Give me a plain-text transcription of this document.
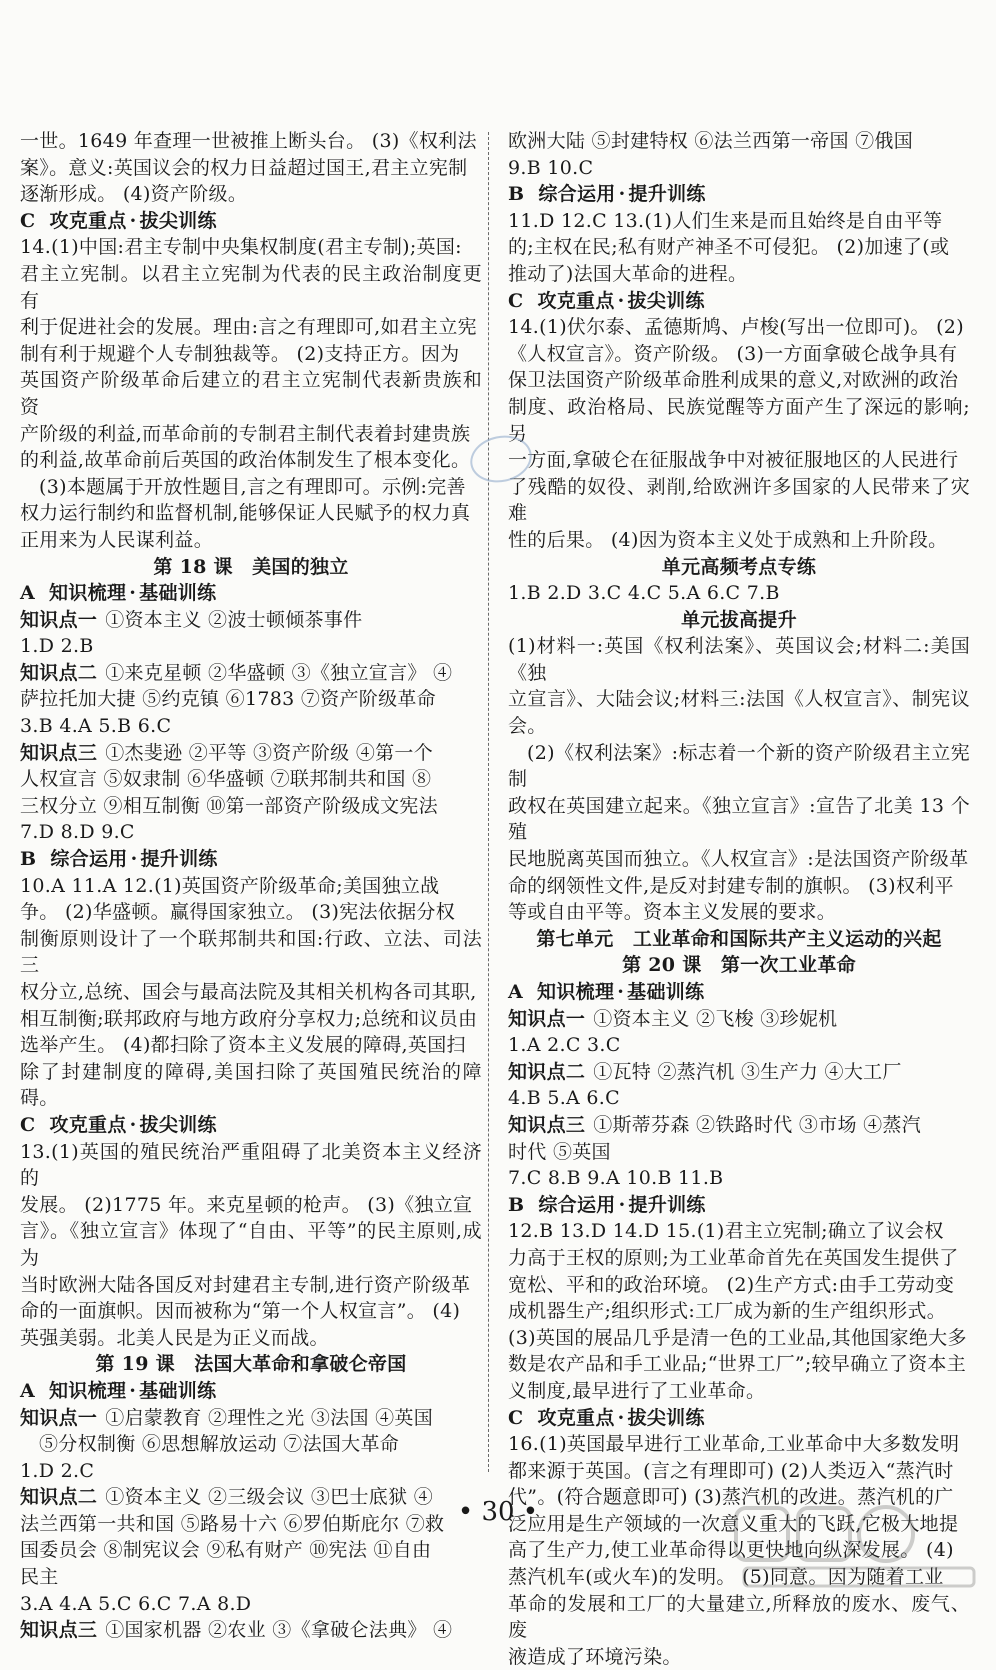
一世。1649 年查理一世被推上断头台。 (3)《权利法

案》。意义:英国议会的权力日益超过国王,君主立宪制

逐渐形成。 (4)资产阶级。

C 攻克重点 · 拔尖训练

14.(1)中国:君主专制中央集权制度(君主专制);英国:

君主立宪制。以君主立宪制为代表的民主政治制度更有

利于促进社会的发展。理由:言之有理即可,如君主立宪

制有利于规避个人专制独裁等。 (2)支持正方。因为

英国资产阶级革命后建立的君主立宪制代表新贵族和资

产阶级的利益,而革命前的专制君主制代表着封建贵族

的利益,故革命前后英国的政治体制发生了根本变化。

(3)本题属于开放性题目,言之有理即可。示例:完善

权力运行制约和监督机制,能够保证人民赋予的权力真

正用来为人民谋利益。

第 18 课　美国的独立

A 知识梳理 · 基础训练

知识点一 ①资本主义 ②波士顿倾茶事件

1.D 2.B

知识点二 ①来克星顿 ②华盛顿 ③《独立宣言》 ④

萨拉托加大捷 ⑤约克镇 ⑥1783 ⑦资产阶级革命

3.B 4.A 5.B 6.C

知识点三 ①杰斐逊 ②平等 ③资产阶级 ④第一个

人权宣言 ⑤奴隶制 ⑥华盛顿 ⑦联邦制共和国 ⑧

三权分立 ⑨相互制衡 ⑩第一部资产阶级成文宪法

7.D 8.D 9.C

B 综合运用 · 提升训练

10.A 11.A 12.(1)英国资产阶级革命;美国独立战

争。 (2)华盛顿。赢得国家独立。 (3)宪法依据分权

制衡原则设计了一个联邦制共和国:行政、立法、司法三

权分立,总统、国会与最高法院及其相关机构各司其职,

相互制衡;联邦政府与地方政府分享权力;总统和议员由

选举产生。 (4)都扫除了资本主义发展的障碍,英国扫

除了封建制度的障碍,美国扫除了英国殖民统治的障碍。

C 攻克重点 · 拔尖训练

13.(1)英国的殖民统治严重阻碍了北美资本主义经济的

发展。 (2)1775 年。来克星顿的枪声。 (3)《独立宣

言》。《独立宣言》体现了“自由、平等”的民主原则,成为

当时欧洲大陆各国反对封建君主专制,进行资产阶级革

命的一面旗帜。因而被称为“第一个人权宣言”。 (4)

英强美弱。北美人民是为正义而战。

第 19 课　法国大革命和拿破仑帝国

A 知识梳理 · 基础训练

知识点一 ①启蒙教育 ②理性之光 ③法国 ④英国

⑤分权制衡 ⑥思想解放运动 ⑦法国大革命

1.D 2.C

知识点二 ①资本主义 ②三级会议 ③巴士底狱 ④

法兰西第一共和国 ⑤路易十六 ⑥罗伯斯庇尔 ⑦救

国委员会 ⑧制宪议会 ⑨私有财产 ⑩宪法 ⑪自由

民主

3.A 4.A 5.C 6.C 7.A 8.D

知识点三 ①国家机器 ②农业 ③《拿破仑法典》 ④

欧洲大陆 ⑤封建特权 ⑥法兰西第一帝国 ⑦俄国

9.B 10.C

B 综合运用 · 提升训练

11.D 12.C 13.(1)人们生来是而且始终是自由平等

的;主权在民;私有财产神圣不可侵犯。 (2)加速了(或

推动了)法国大革命的进程。

C 攻克重点 · 拔尖训练

14.(1)伏尔泰、孟德斯鸠、卢梭(写出一位即可)。 (2)

《人权宣言》。资产阶级。 (3)一方面拿破仑战争具有

保卫法国资产阶级革命胜利成果的意义,对欧洲的政治

制度、政治格局、民族觉醒等方面产生了深远的影响;另

一方面,拿破仑在征服战争中对被征服地区的人民进行

了残酷的奴役、剥削,给欧洲许多国家的人民带来了灾难

性的后果。 (4)因为资本主义处于成熟和上升阶段。

单元高频考点专练

1.B 2.D 3.C 4.C 5.A 6.C 7.B

单元拔高提升

(1)材料一:英国《权利法案》、英国议会;材料二:美国《独

立宣言》、大陆会议;材料三:法国《人权宣言》、制宪议会。

(2)《权利法案》:标志着一个新的资产阶级君主立宪制

政权在英国建立起来。《独立宣言》:宣告了北美 13 个殖

民地脱离英国而独立。《人权宣言》:是法国资产阶级革

命的纲领性文件,是反对封建专制的旗帜。 (3)权利平

等或自由平等。资本主义发展的要求。

第七单元　工业革命和国际共产主义运动的兴起

第 20 课　第一次工业革命

A 知识梳理 · 基础训练

知识点一 ①资本主义 ②飞梭 ③珍妮机

1.A 2.C 3.C

知识点二 ①瓦特 ②蒸汽机 ③生产力 ④大工厂

4.B 5.A 6.C

知识点三 ①斯蒂芬森 ②铁路时代 ③市场 ④蒸汽

时代 ⑤英国

7.C 8.B 9.A 10.B 11.B

B 综合运用 · 提升训练

12.B 13.D 14.D 15.(1)君主立宪制;确立了议会权

力高于王权的原则;为工业革命首先在英国发生提供了

宽松、平和的政治环境。 (2)生产方式:由手工劳动变

成机器生产;组织形式:工厂成为新的生产组织形式。

(3)英国的展品几乎是清一色的工业品,其他国家绝大多

数是农产品和手工业品;“世界工厂”;较早确立了资本主

义制度,最早进行了工业革命。

C 攻克重点 · 拔尖训练

16.(1)英国最早进行工业革命,工业革命中大多数发明

都来源于英国。(言之有理即可) (2)人类迈入“蒸汽时

代”。(符合题意即可) (3)蒸汽机的改进。蒸汽机的广

泛应用是生产领域的一次意义重大的飞跃,它极大地提

高了生产力,使工业革命得以更快地向纵深发展。 (4)

蒸汽机车(或火车)的发明。 (5)同意。因为随着工业

革命的发展和工厂的大量建立,所释放的废水、废气、废

液造成了环境污染。

• 30 •
